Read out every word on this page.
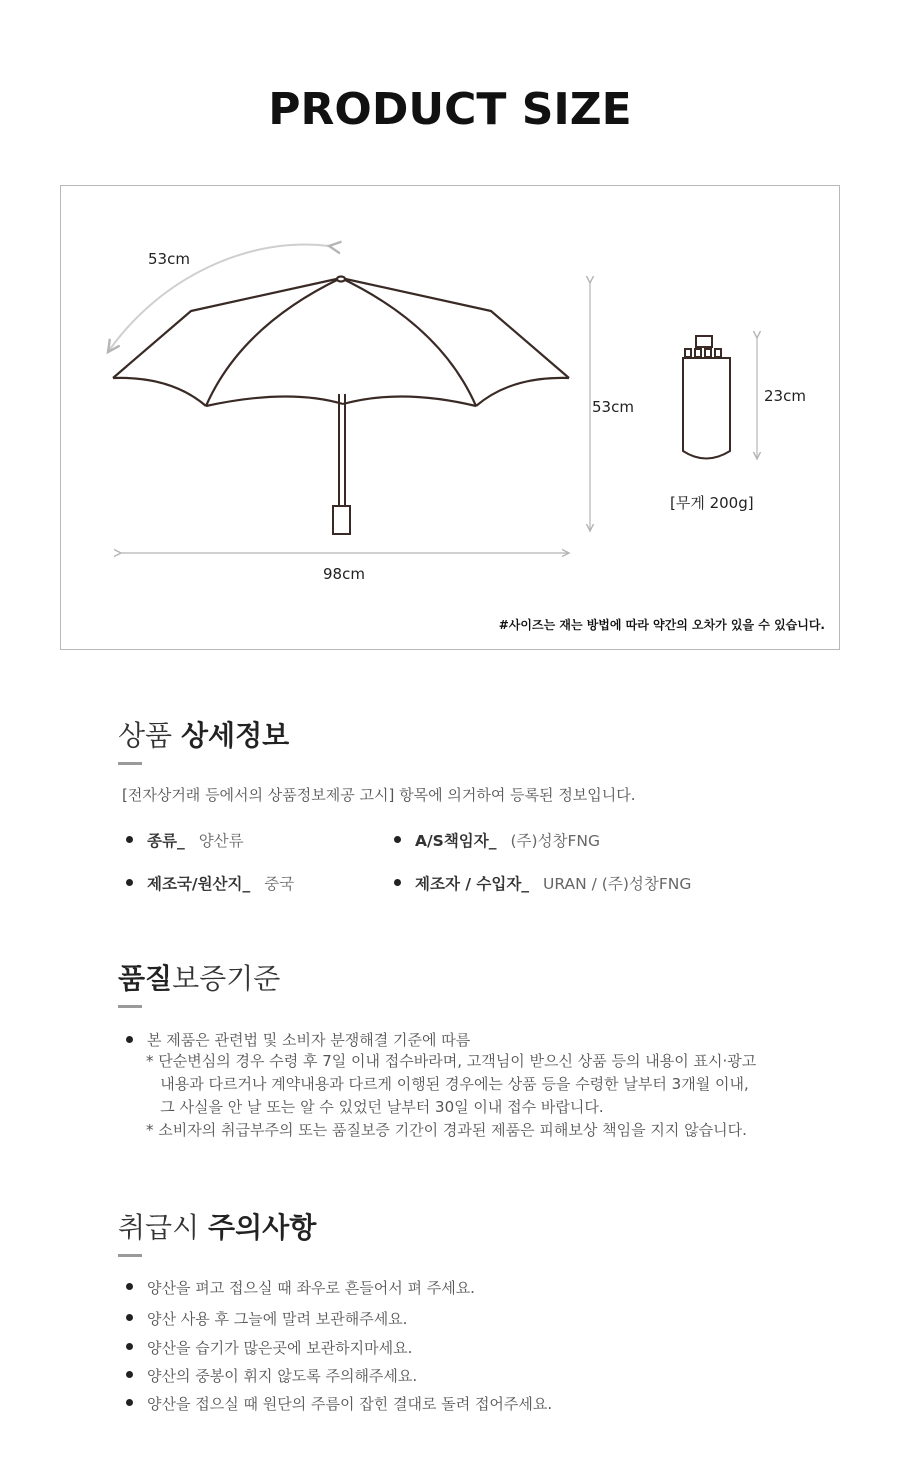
PRODUCT SIZE
53cm
53cm
98cm
23cm
[무게 200g]
#사이즈는 재는 방법에 따라 약간의 오차가 있을 수 있습니다.
상품 상세정보
[전자상거래 등에서의 상품정보제공 고시] 항목에 의거하여 등록된 정보입니다.
종류_ 양산류	A/S책임자_ (주)성창FNG
제조국/원산지_ 중국	제조자 / 수입자_ URAN / (주)성창FNG
품질보증기준
본 제품은 관련법 및 소비자 분쟁해결 기준에 따름
* 단순변심의 경우 수령 후 7일 이내 접수바라며, 고객님이 받으신 상품 등의 내용이 표시·광고
내용과 다르거나 계약내용과 다르게 이행된 경우에는 상품 등을 수령한 날부터 3개월 이내,
그 사실을 안 날 또는 알 수 있었던 날부터 30일 이내 접수 바랍니다.
* 소비자의 취급부주의 또는 품질보증 기간이 경과된 제품은 피해보상 책임을 지지 않습니다.
취급시 주의사항
양산을 펴고 접으실 때 좌우로 흔들어서 펴 주세요.
양산 사용 후 그늘에 말려 보관해주세요.
양산을 습기가 많은곳에 보관하지마세요.
양산의 중봉이 휘지 않도록 주의해주세요.
양산을 접으실 때 원단의 주름이 잡힌 결대로 돌려 접어주세요.
